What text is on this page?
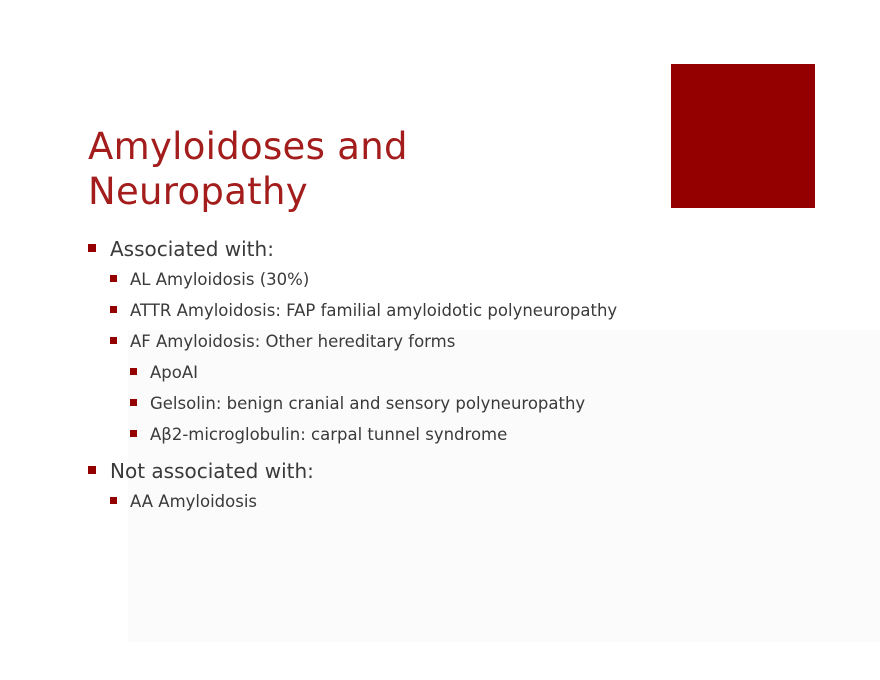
Amyloidoses and
Neuropathy
Associated with:
AL Amyloidosis (30%)
ATTR Amyloidosis: FAP familial amyloidotic polyneuropathy
AF Amyloidosis: Other hereditary forms
ApoAI
Gelsolin: benign cranial and sensory polyneuropathy
Aβ2-microglobulin: carpal tunnel syndrome
Not associated with:
AA Amyloidosis
